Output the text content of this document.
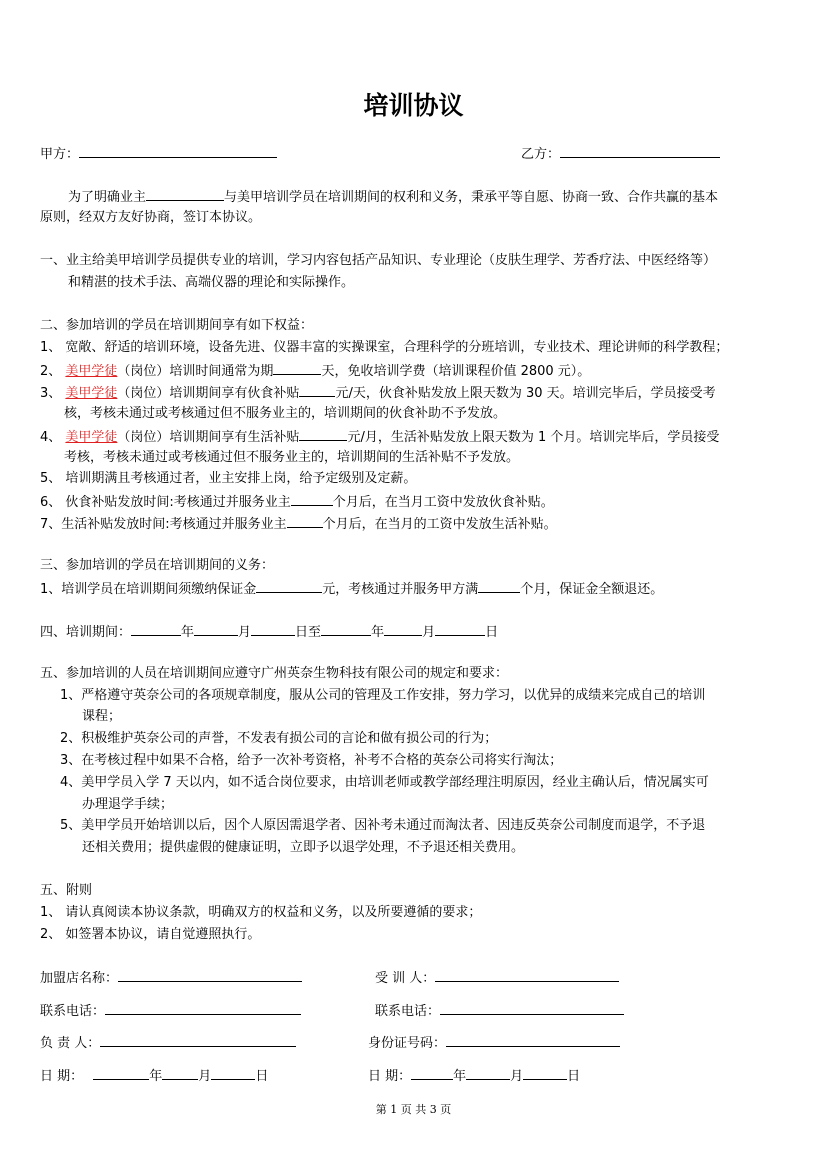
培训协议
甲方：	乙方：
为了明确业主	与美甲培训学员在培训期间的权利和义务，秉承平等自愿、协商一致、合作共赢的基本
原则，经双方友好协商，签订本协议。
一、业主给美甲培训学员提供专业的培训，学习内容包括产品知识、专业理论（皮肤生理学、芳香疗法、中医经络等）
和精湛的技术手法、高端仪器的理论和实际操作。
二、参加培训的学员在培训期间享有如下权益：
1、 宽敞、舒适的培训环境，设备先进、仪器丰富的实操课室，合理科学的分班培训，专业技术、理论讲师的科学教程；
2、 美甲学徒（岗位）培训时间通常为期	天，免收培训学费（培训课程价值 2800 元）。
3、 美甲学徒（岗位）培训期间享有伙食补贴	元/天，伙食补贴发放上限天数为 30 天。培训完毕后，学员接受考
核，考核未通过或考核通过但不服务业主的，培训期间的伙食补助不予发放。
4、 美甲学徒（岗位）培训期间享有生活补贴	元/月，生活补贴发放上限天数为 1 个月。培训完毕后，学员接受
考核，考核未通过或考核通过但不服务业主的，培训期间的生活补贴不予发放。
5、 培训期满且考核通过者，业主安排上岗，给予定级别及定薪。
6、 伙食补贴发放时间:考核通过并服务业主	个月后，在当月工资中发放伙食补贴。
7、生活补贴发放时间:考核通过并服务业主	个月后，在当月的工资中发放生活补贴。
三、参加培训的学员在培训期间的义务：
1、培训学员在培训期间须缴纳保证金	元，考核通过并服务甲方满	个月，保证金全额退还。
四、培训期间：	年	月	日至	年	月	日
五、参加培训的人员在培训期间应遵守广州英奈生物科技有限公司的规定和要求：
1、严格遵守英奈公司的各项规章制度，服从公司的管理及工作安排，努力学习，以优异的成绩来完成自己的培训
课程；
2、积极维护英奈公司的声誉，不发表有损公司的言论和做有损公司的行为；
3、在考核过程中如果不合格，给予一次补考资格，补考不合格的英奈公司将实行淘汰；
4、美甲学员入学 7 天以内，如不适合岗位要求，由培训老师或教学部经理注明原因，经业主确认后，情况属实可
办理退学手续；
5、美甲学员开始培训以后，因个人原因需退学者、因补考未通过而淘汰者、因违反英奈公司制度而退学，不予退
还相关费用；提供虚假的健康证明，立即予以退学处理，不予退还相关费用。
五、附则
1、 请认真阅读本协议条款，明确双方的权益和义务，以及所要遵循的要求；
2、 如签署本协议，请自觉遵照执行。
加盟店名称：	受 训 人：
联系电话：	联系电话：
负 责 人：	身份证号码：
日 期：	年	月	日	日 期：	年	月	日
第 1 页 共 3 页
